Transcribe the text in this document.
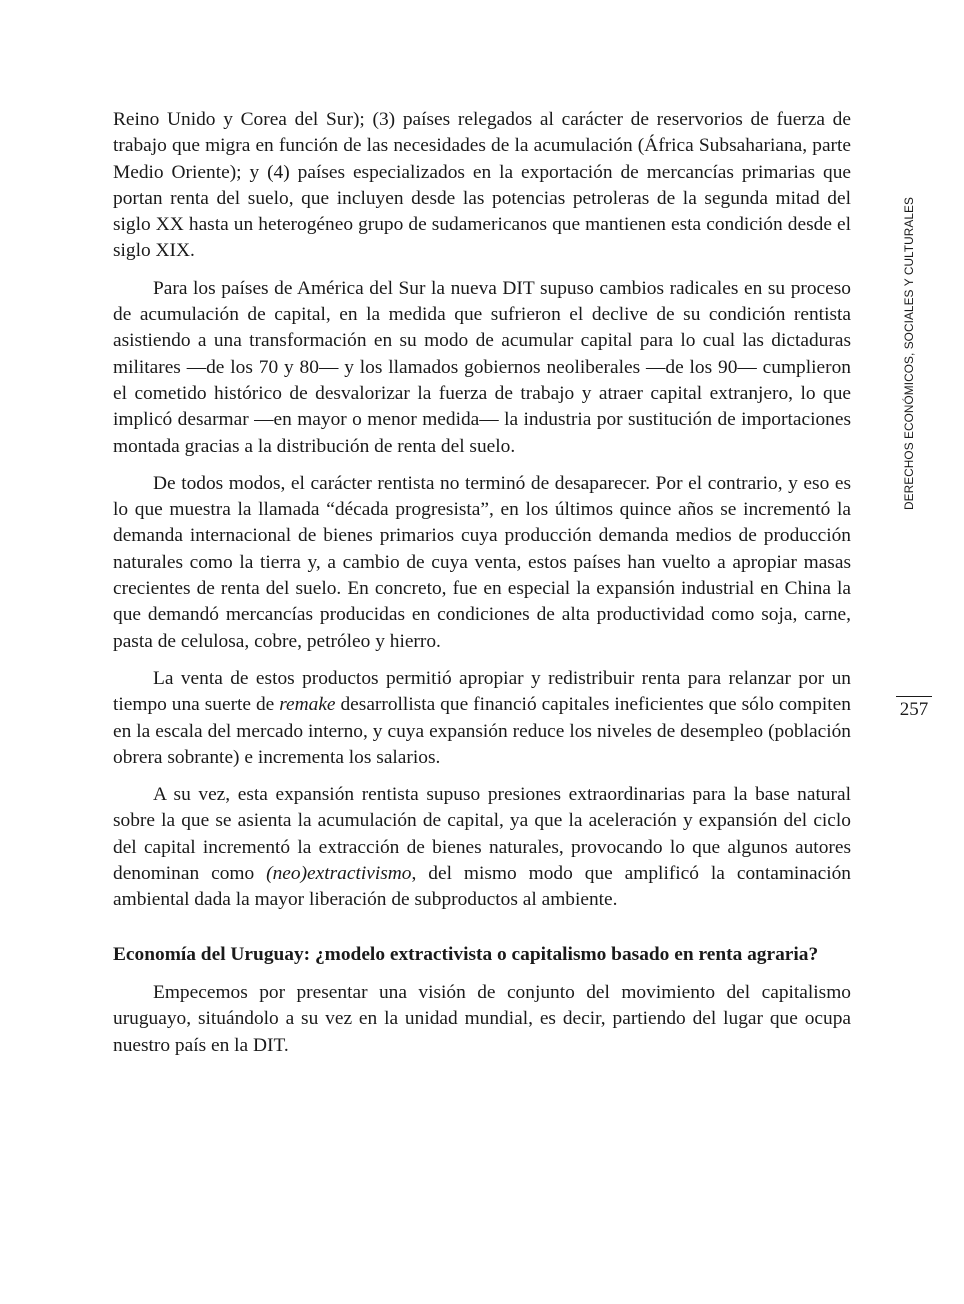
DERECHOS ECONÓMICOS, SOCIALES Y CULTURALES
257

Reino Unido y Corea del Sur); (3) países relegados al carácter de reservorios de fuerza de trabajo que migra en función de las necesidades de la acumulación (África Subsahariana, parte Medio Oriente); y (4) países especializados en la exportación de mercancías primarias que portan renta del suelo, que incluyen desde las potencias petroleras de la segunda mitad del siglo XX hasta un heterogéneo grupo de sudamericanos que mantienen esta condición desde el siglo XIX.

Para los países de América del Sur la nueva DIT supuso cambios radicales en su proceso de acumulación de capital, en la medida que sufrieron el declive de su condición rentista asistiendo a una transformación en su modo de acumular capital para lo cual las dictaduras militares —de los 70 y 80— y los llamados gobiernos neoliberales —de los 90— cumplieron el cometido histórico de desvalorizar la fuerza de trabajo y atraer capital extranjero, lo que implicó desarmar —en mayor o menor medida— la industria por sustitución de importaciones montada gracias a la distribución de renta del suelo.

De todos modos, el carácter rentista no terminó de desaparecer. Por el contrario, y eso es lo que muestra la llamada “década progresista”, en los últimos quince años se incrementó la demanda internacional de bienes primarios cuya producción demanda medios de producción naturales como la tierra y, a cambio de cuya venta, estos países han vuelto a apropiar masas crecientes de renta del suelo. En concreto, fue en especial la expansión industrial en China la que demandó mercancías producidas en condiciones de alta productividad como soja, carne, pasta de celulosa, cobre, petróleo y hierro.

La venta de estos productos permitió apropiar y redistribuir renta para relanzar por un tiempo una suerte de remake desarrollista que financió capitales ineficientes que sólo compiten en la escala del mercado interno, y cuya expansión reduce los niveles de desempleo (población obrera sobrante) e incrementa los salarios.

A su vez, esta expansión rentista supuso presiones extraordinarias para la base natural sobre la que se asienta la acumulación de capital, ya que la aceleración y expansión del ciclo del capital incrementó la extracción de bienes naturales, provocando lo que algunos autores denominan como (neo)extractivismo, del mismo modo que amplificó la contaminación ambiental dada la mayor liberación de subproductos al ambiente.

Economía del Uruguay: ¿modelo extractivista o capitalismo basado en renta agraria?

Empecemos por presentar una visión de conjunto del movimiento del capitalismo uruguayo, situándolo a su vez en la unidad mundial, es decir, partiendo del lugar que ocupa nuestro país en la DIT.
